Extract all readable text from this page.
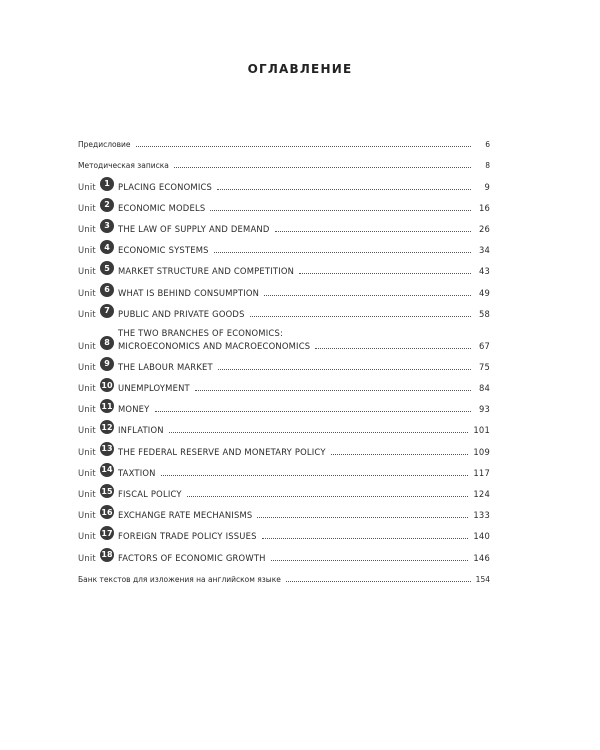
ОГЛАВЛЕНИЕ
Предисловие	6
Методическая записка	8
Unit	1 PLACING ECONOMICS	9
Unit	2 ECONOMIC MODELS	16
Unit	3 THE LAW OF SUPPLY AND DEMAND	26
Unit	4 ECONOMIC SYSTEMS	34
Unit	5 MARKET STRUCTURE AND COMPETITION	43
Unit	6 WHAT IS BEHIND CONSUMPTION	49
Unit	7 PUBLIC AND PRIVATE GOODS	58
Unit	8
THE TWO BRANCHES OF ECONOMICS:
MICROECONOMICS AND MACROECONOMICS	67
Unit	9 THE LABOUR MARKET	75
Unit 10 UNEMPLOYMENT	84
Unit 11 MONEY	93
Unit 12 INFLATION	101
Unit 13 THE FEDERAL RESERVE AND MONETARY POLICY	109
Unit 14 TAXTION	117
Unit 15 FISCAL POLICY	124
Unit 16 EXCHANGE RATE MECHANISMS	133
Unit 17 FOREIGN TRADE POLICY ISSUES	140
Unit 18 FACTORS OF ECONOMIC GROWTH	146
Банк текстов для изложения на английском языке	154
